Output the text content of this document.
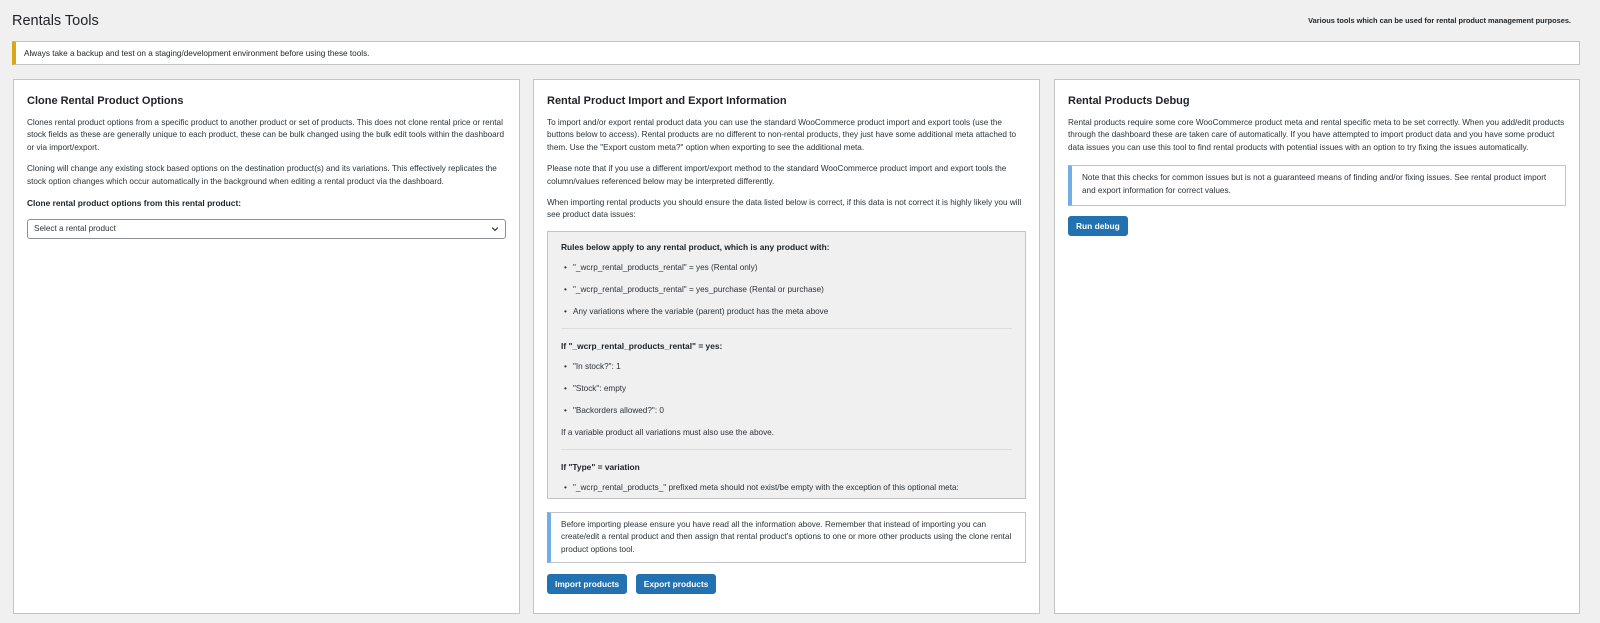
Rentals Tools	Various tools which can be used for rental product management purposes.
Always take a backup and test on a staging/development environment before using these tools.
Clone Rental Product Options

Clones rental product options from a specific product to another product or set of products. This does not clone rental price or rental stock fields as these are generally unique to each product, these can be bulk changed using the bulk edit tools within the dashboard or via import/export.

Cloning will change any existing stock based options on the destination product(s) and its variations. This effectively replicates the stock option changes which occur automatically in the background when editing a rental product via the dashboard.

Clone rental product options from this rental product:

Select a rental product
Rental Product Import and Export Information

To import and/or export rental product data you can use the standard WooCommerce product import and export tools (use the buttons below to access). Rental products are no different to non-rental products, they just have some additional meta attached to them. Use the "Export custom meta?" option when exporting to see the additional meta.

Please note that if you use a different import/export method to the standard WooCommerce product import and export tools the column/values referenced below may be interpreted differently.

When importing rental products you should ensure the data listed below is correct, if this data is not correct it is highly likely you will see product data issues:

Rules below apply to any rental product, which is any product with:
• "_wcrp_rental_products_rental" = yes (Rental only)
• "_wcrp_rental_products_rental" = yes_purchase (Rental or purchase)
• Any variations where the variable (parent) product has the meta above
If "_wcrp_rental_products_rental" = yes:
• "In stock?": 1
• "Stock": empty
• "Backorders allowed?": 0
If a variable product all variations must also use the above.
If "Type" = variation
• "_wcrp_rental_products_" prefixed meta should not exist/be empty with the exception of this optional meta:
Before importing please ensure you have read all the information above. Remember that instead of importing you can create/edit a rental product and then assign that rental product's options to one or more other products using the clone rental product options tool.
Import products	Export products
Rental Products Debug

Rental products require some core WooCommerce product meta and rental specific meta to be set correctly. When you add/edit products through the dashboard these are taken care of automatically. If you have attempted to import product data and you have some product data issues you can use this tool to find rental products with potential issues with an option to try fixing the issues automatically.

Note that this checks for common issues but is not a guaranteed means of finding and/or fixing issues. See rental product import and export information for correct values.
Run debug
